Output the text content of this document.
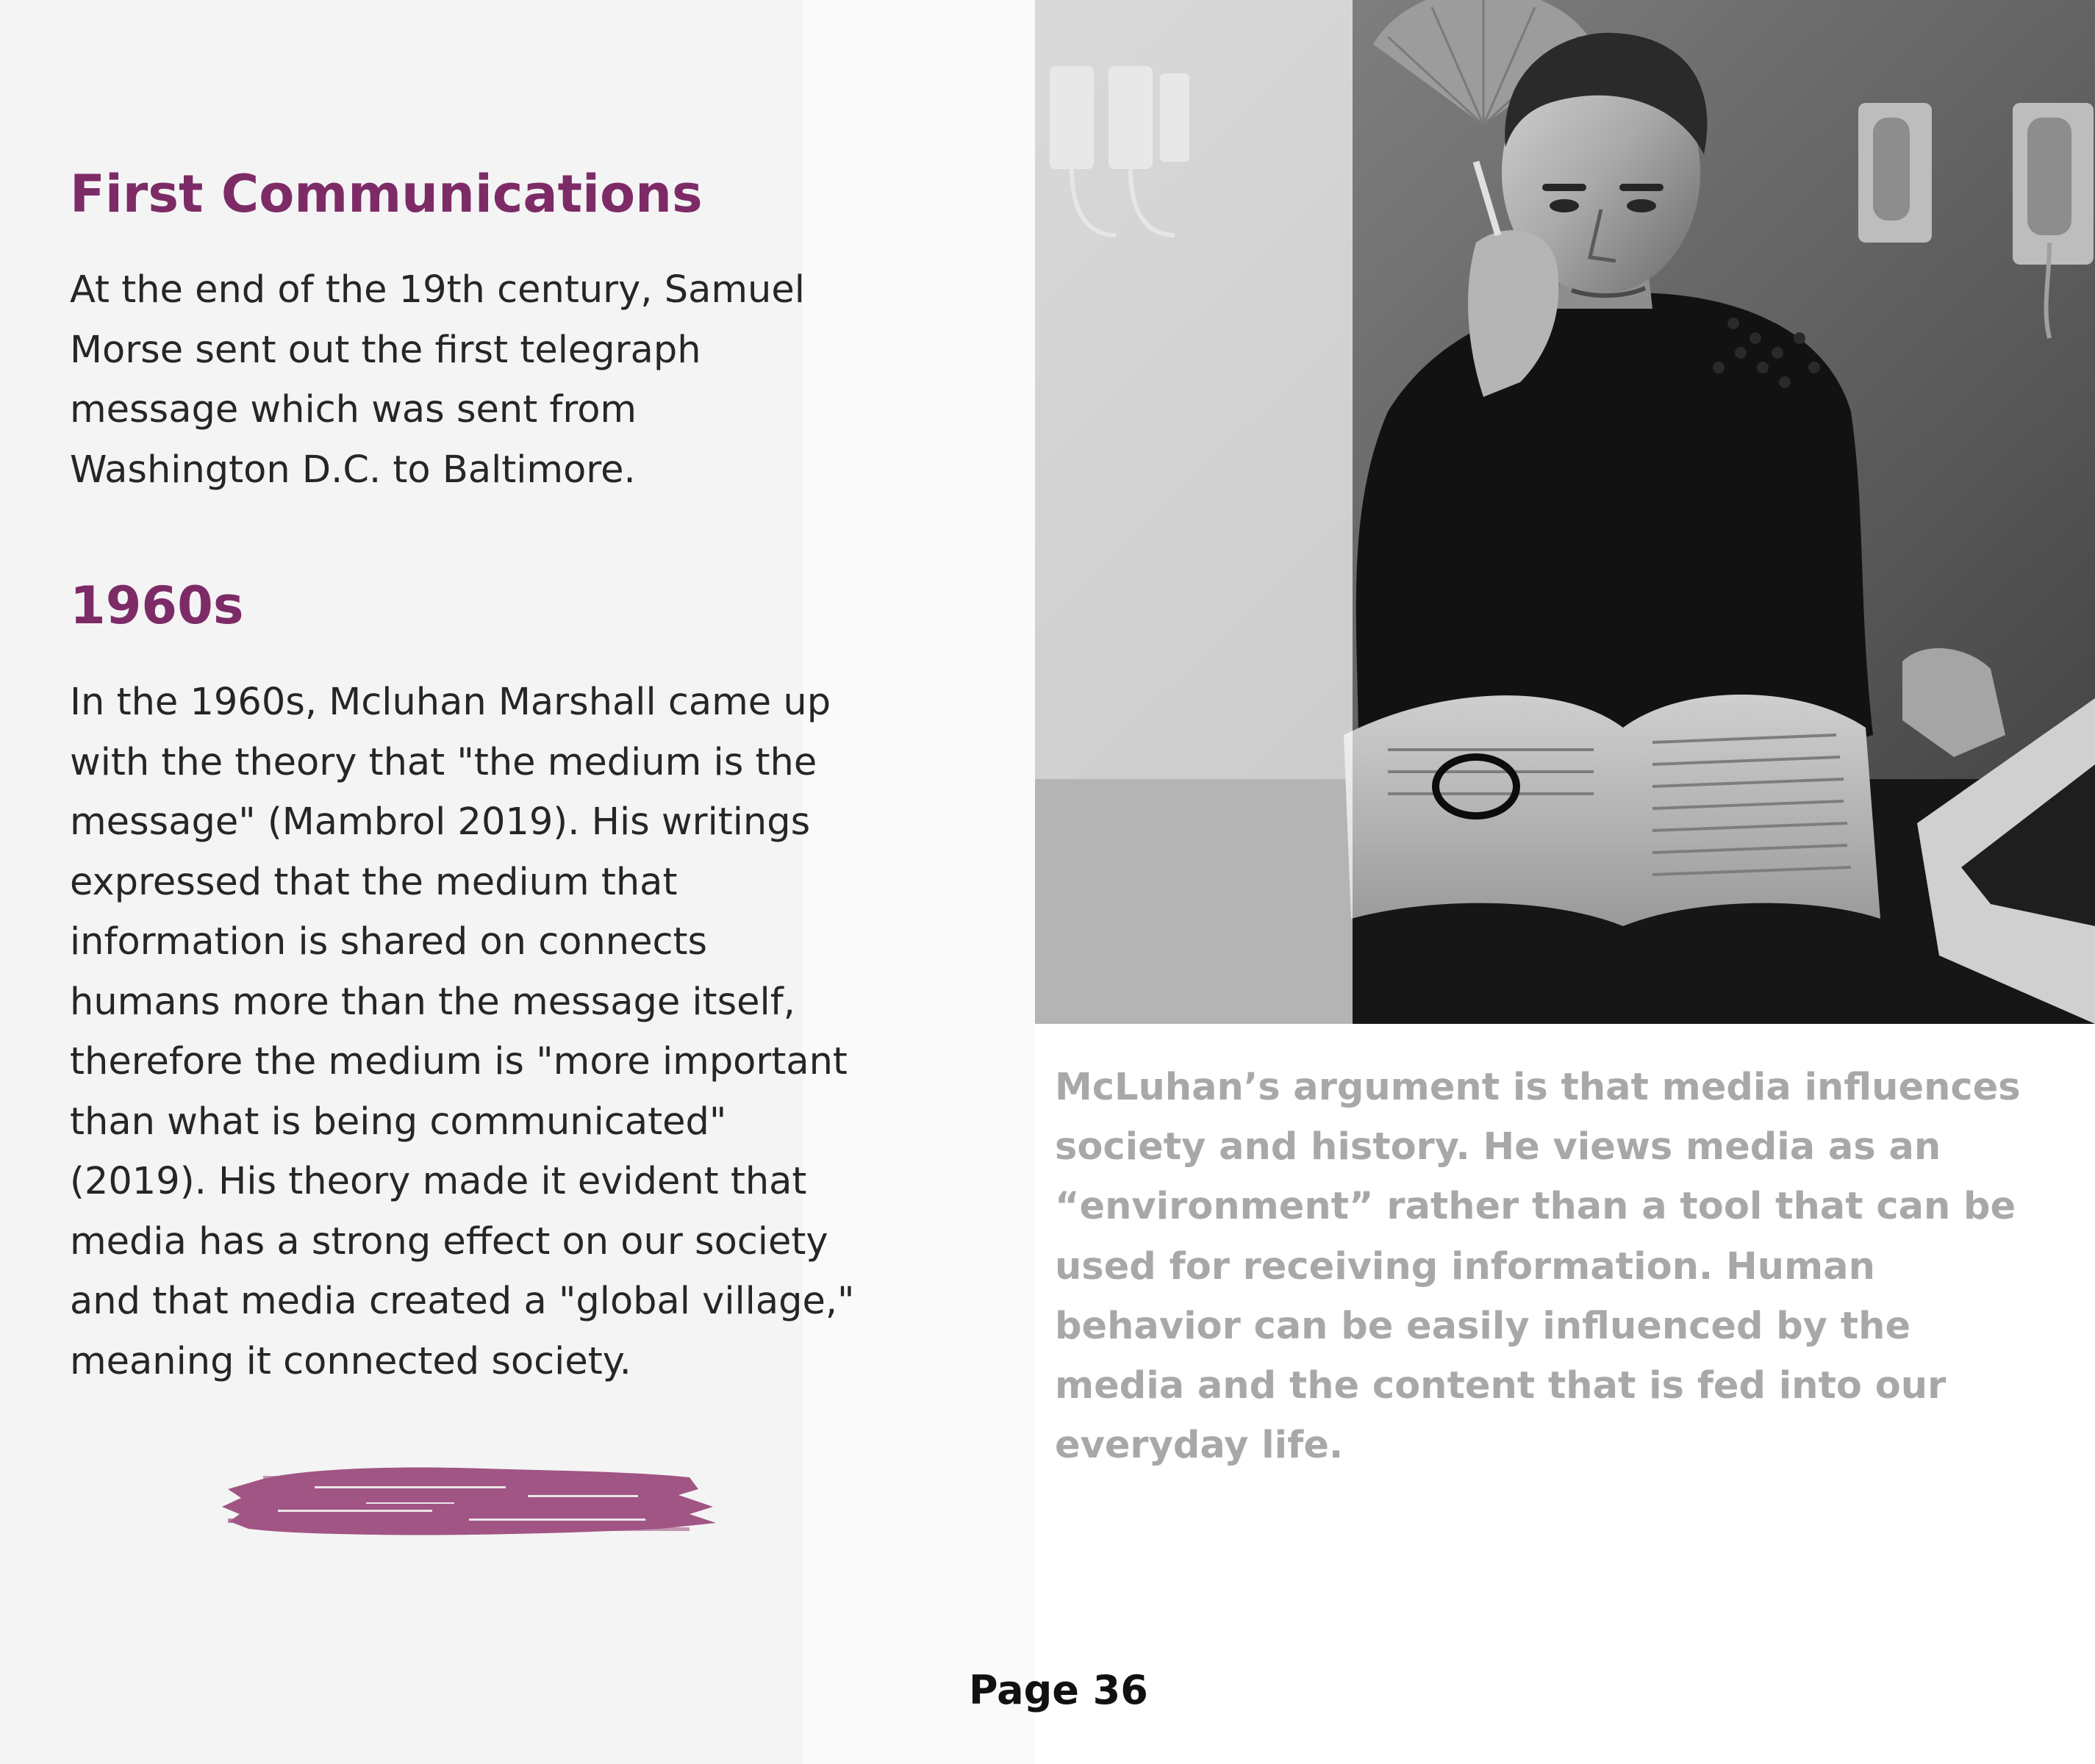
First Communications

At the end of the 19th century, Samuel
Morse sent out the first telegraph
message which was sent from
Washington D.C. to Baltimore.

1960s

In the 1960s, Mcluhan Marshall came up
with the theory that "the medium is the
message" (Mambrol 2019). His writings
expressed that the medium that
information is shared on connects
humans more than the message itself,
therefore the medium is "more important
than what is being communicated"
(2019). His theory made it evident that
media has a strong effect on our society
and that media created a "global village,"
meaning it connected society.

McLuhan’s argument is that media influences
society and history. He views media as an
“environment” rather than a tool that can be
used for receiving information. Human
behavior can be easily influenced by the
media and the content that is fed into our
everyday life.

Page 36
